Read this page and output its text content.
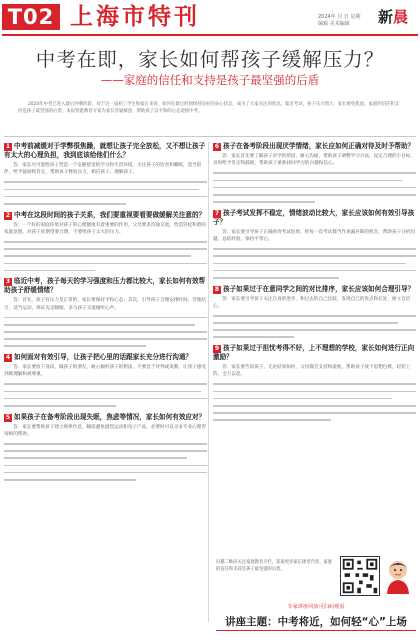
T02 上海市特刊	2024年 月 日 星期
编辑 美术编辑	新晨
中考在即，家长如何帮孩子缓解压力？
——家庭的信任和支持是孩子最坚强的后盾
2024年中考已进入最后冲刺阶段，对于这一届初三学生和家长来说，如何在最后时刻保持良好的身心状态，成为了大家关注的焦点。临近考试，孩子压力增大，家长难免焦虑。家庭的信任和支持是孩子最坚强的后盾，本报特邀教育专家为家长答疑解惑，帮助孩子以平和的心态迎接中考。
1 中考前减缓对于学弊很焦躁，就想让孩子完全放松，又不想让孩子有太大的心理负担，我到底该给他们什么？
答：家长尽可能给孩子营造一个安静舒适的学习和生活环境，关注孩子的饮食和睡眠，适当陪伴，给予鼓励和肯定，帮助孩子释放压力，相信孩子、理解孩子。
2 中考在这段时间的孩子关系，我们要重视要看要做缓解关注意的？
答：一个好的家庭环境对孩子的心理健康有着重要的作用，父母要多沟通交流，营造轻松和谐的家庭氛围，对孩子的期望要合理，不要给孩子太大的压力。
3 临近中考，孩子每天的学习强度和压力都比较大，家长如何有效帮助孩子舒缓情绪？
答：首先，孩子有压力是正常的，家长要保持平和心态；其次，引导孩子合理安排时间，劳逸结合，适当运动，保证充足睡眠，多与孩子交流倾听心声。
4 如何面对有效引导，让孩子把心里的话跟家长充分进行沟通？
答：家长要放下身段，做孩子的朋友，耐心倾听孩子的想法，不要急于评判或说教，让孩子感受到被理解和被尊重。
5 如果孩子在备考阶段出现失眠，焦虑等情况，家长如何有效应对？
答：家长要帮助孩子建立规律作息，睡前避免剧烈运动和电子产品，必要时可以寻求专业心理咨询师的帮助。
6 孩子在备考阶段出现厌学情绪，家长应如何正确对待及时予帮助？
答：家长首先要了解孩子厌学的原因，耐心沟通，帮助孩子调整学习方法，设定合理的小目标，及时给予肯定和鼓励，帮助孩子重新找回学习的兴趣和信心。
7 孩子考试发挥不稳定，情绪波动比较大，家长应该如何有效引导孩子？
答：家长要引导孩子正确看待考试结果，把每一次考试都当作查漏补缺的机会，帮助孩子分析问题，总结经验，保持平常心。
8 孩子如果过于在意同学之间的对比排序，家长应该如何合理引导？
答：家长要引导孩子关注自身的进步，和过去的自己比较，发现自己的优点和长处，树立自信心。
9 孩子如果过于担忧考得不好，上不理想的学校，家长如何进行正向激励？
答：家长要告诉孩子，无论结果如何，父母都会支持和爱他，帮助孩子放下思想包袱，轻装上阵，全力以赴。
扫描二维码关注家庭教育专栏，获取更多家长课堂内容。家庭的信任和支持是孩子最坚强的后盾。
专家讲座回放可扫码观看
讲座主题：中考将近，如何轻“心”上场
